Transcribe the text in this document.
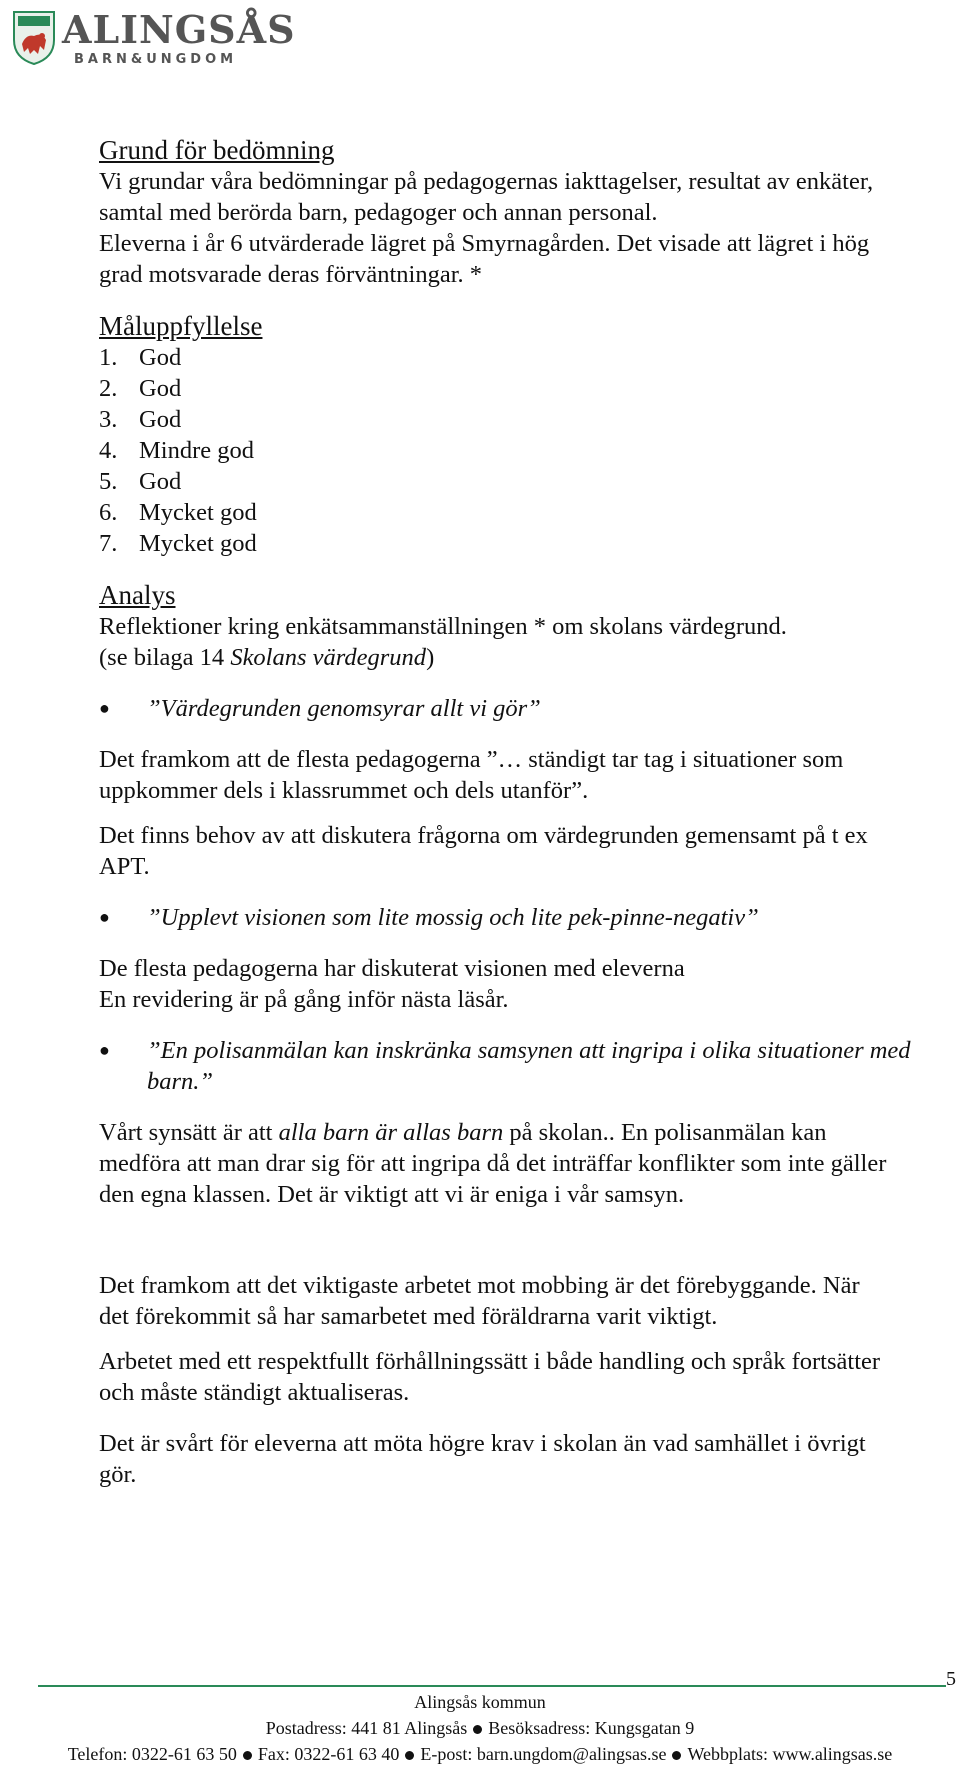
ALINGSÅS
BARN&UNGDOM
Grund för bedömning

Vi grundar våra bedömningar på pedagogernas iakttagelser, resultat av enkäter,

samtal med berörda barn, pedagoger och annan personal.

Eleverna i år 6 utvärderade lägret på Smyrnagården. Det visade att lägret i hög

grad motsvarade deras förväntningar. *

Måluppfyllelse
1. God
2. God
3. God
4. Mindre god
5. God
6. Mycket god
7. Mycket god
Analys

Reflektioner kring enkätsammanställningen * om skolans värdegrund.

(se bilaga 14 Skolans värdegrund)

●	”Värdegrunden genomsyrar allt vi gör”

Det framkom att de flesta pedagogerna ”… ständigt tar tag i situationer som

uppkommer dels i klassrummet och dels utanför”.

Det finns behov av att diskutera frågorna om värdegrunden gemensamt på t ex

APT.

●	”Upplevt visionen som lite mossig och lite pek-pinne-negativ”

De flesta pedagogerna har diskuterat visionen med eleverna

En revidering är på gång inför nästa läsår.

●	”En polisanmälan kan inskränka samsynen att ingripa i olika situationer med
barn.”

Vårt synsätt är att alla barn är allas barn på skolan.. En polisanmälan kan

medföra att man drar sig för att ingripa då det inträffar konflikter som inte gäller

den egna klassen. Det är viktigt att vi är eniga i vår samsyn.

Det framkom att det viktigaste arbetet mot mobbing är det förebyggande. När

det förekommit så har samarbetet med föräldrarna varit viktigt.

Arbetet med ett respektfullt förhållningssätt i både handling och språk fortsätter

och måste ständigt aktualiseras.

Det är svårt för eleverna att möta högre krav i skolan än vad samhället i övrigt

gör.

5
Alingsås kommun
Postadress: 441 81 Alingsås Besöksadress: Kungsgatan 9
Telefon: 0322-61 63 50 Fax: 0322-61 63 40 E-post: barn.ungdom@alingsas.se Webbplats: www.alingsas.se
